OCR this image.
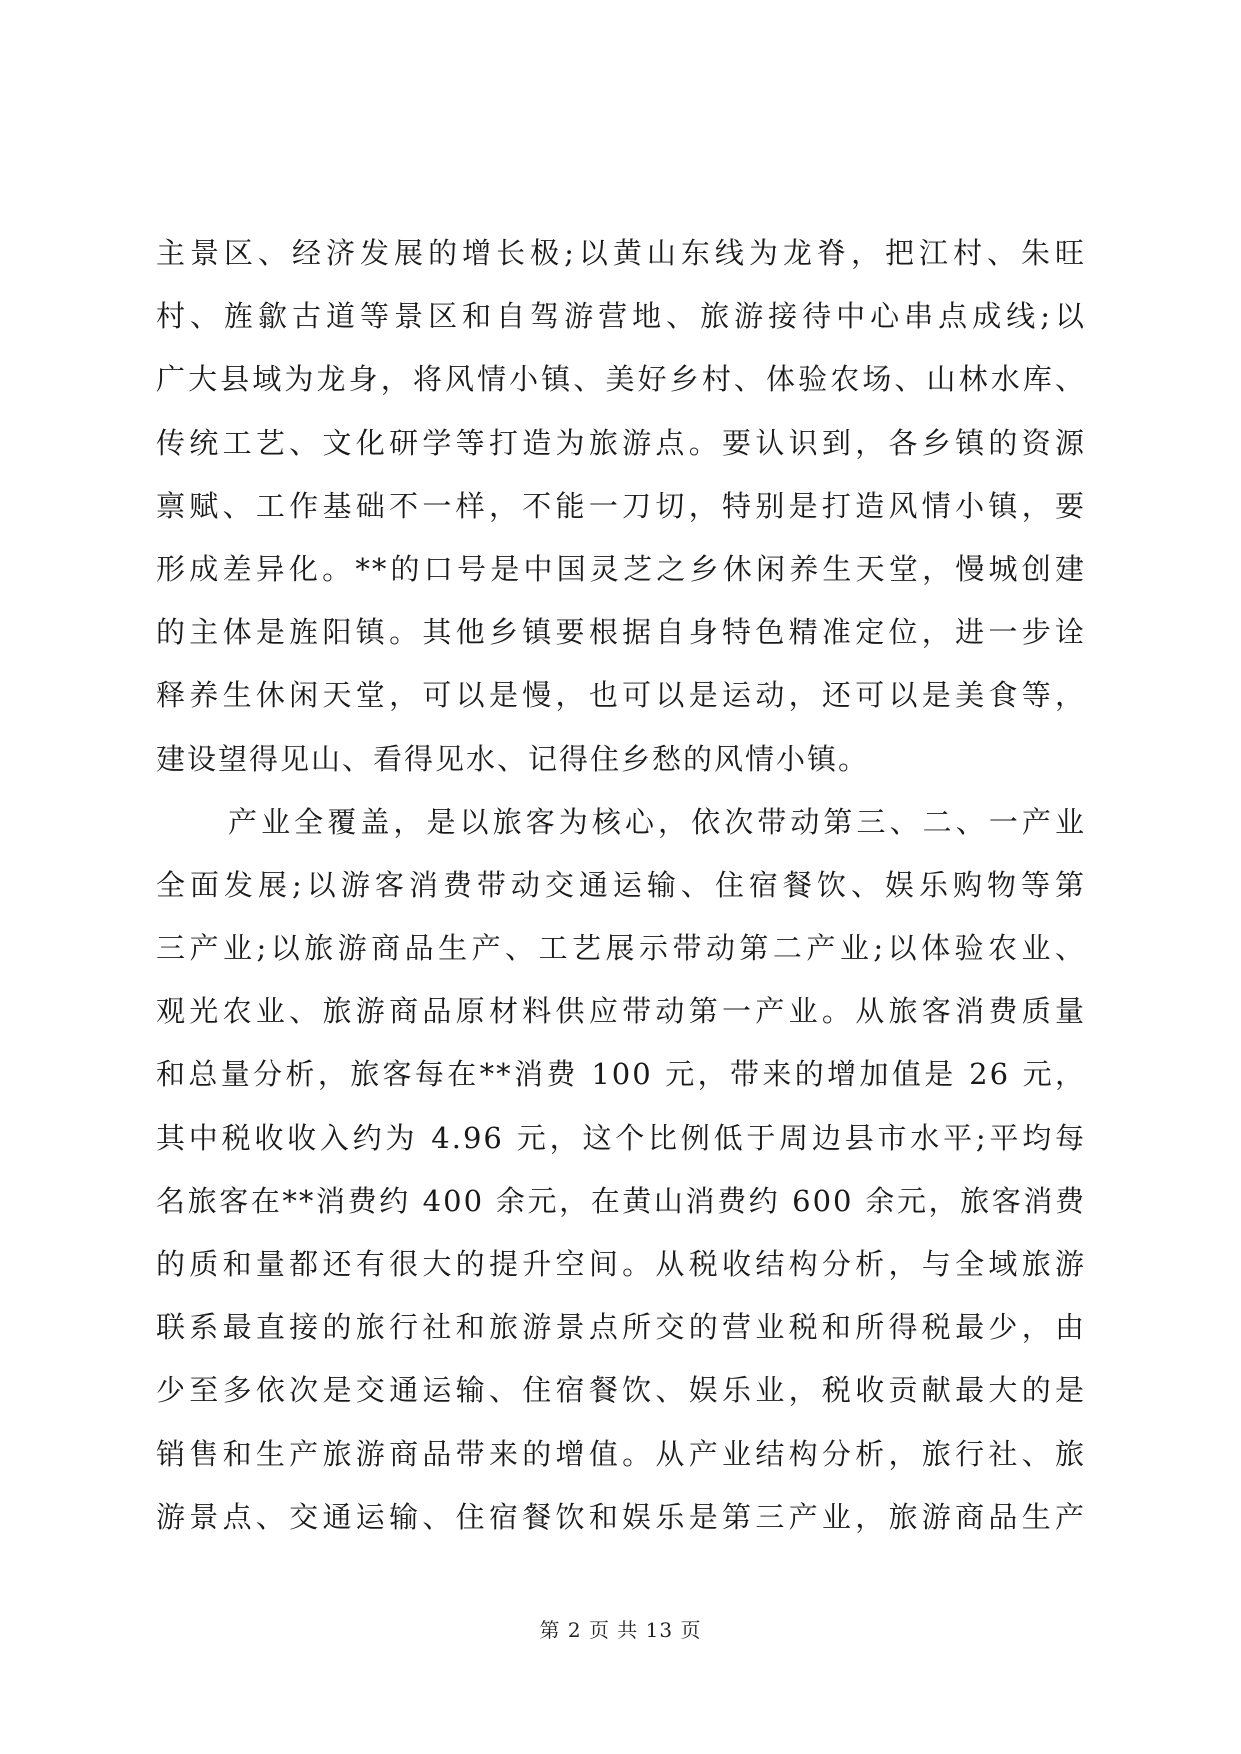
主景区、经济发展的增长极;以黄山东线为龙脊，把江村、朱旺
村、旌歙古道等景区和自驾游营地、旅游接待中心串点成线;以
广大县域为龙身，将风情小镇、美好乡村、体验农场、山林水库、
传统工艺、文化研学等打造为旅游点。要认识到，各乡镇的资源
禀赋、工作基础不一样，不能一刀切，特别是打造风情小镇，要
形成差异化。**的口号是中国灵芝之乡休闲养生天堂，慢城创建
的主体是旌阳镇。其他乡镇要根据自身特色精准定位，进一步诠
释养生休闲天堂，可以是慢，也可以是运动，还可以是美食等，
建设望得见山、看得见水、记得住乡愁的风情小镇。
产业全覆盖，是以旅客为核心，依次带动第三、二、一产业
全面发展;以游客消费带动交通运输、住宿餐饮、娱乐购物等第
三产业;以旅游商品生产、工艺展示带动第二产业;以体验农业、
观光农业、旅游商品原材料供应带动第一产业。从旅客消费质量
和总量分析，旅客每在**消费 100 元，带来的增加值是 26 元，
其中税收收入约为 4.96 元，这个比例低于周边县市水平;平均每
名旅客在**消费约 400 余元，在黄山消费约 600 余元，旅客消费
的质和量都还有很大的提升空间。从税收结构分析，与全域旅游
联系最直接的旅行社和旅游景点所交的营业税和所得税最少，由
少至多依次是交通运输、住宿餐饮、娱乐业，税收贡献最大的是
销售和生产旅游商品带来的增值。从产业结构分析，旅行社、旅
游景点、交通运输、住宿餐饮和娱乐是第三产业，旅游商品生产
第 2 页 共 13 页
